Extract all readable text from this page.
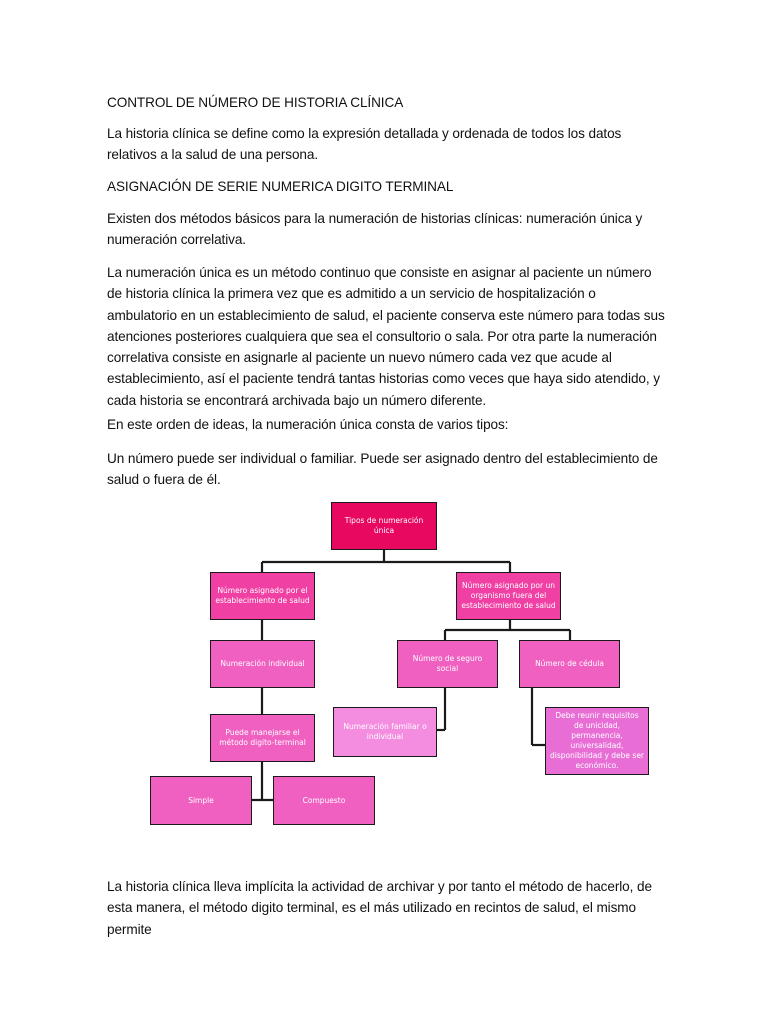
CONTROL DE NÚMERO DE HISTORIA CLÍNICA

La historia clínica se define como la expresión detallada y ordenada de todos los datos relativos a la salud de una persona.

ASIGNACIÓN DE SERIE NUMERICA DIGITO TERMINAL

Existen dos métodos básicos para la numeración de historias clínicas: numeración única y numeración correlativa.

La numeración única es un método continuo que consiste en asignar al paciente un número de historia clínica la primera vez que es admitido a un servicio de hospitalización o ambulatorio en un establecimiento de salud, el paciente conserva este número para todas sus atenciones posteriores cualquiera que sea el consultorio o sala. Por otra parte la numeración correlativa consiste en asignarle al paciente un nuevo número cada vez que acude al establecimiento, así el paciente tendrá tantas historias como veces que haya sido atendido, y cada historia se encontrará archivada bajo un número diferente.

En este orden de ideas, la numeración única consta de varios tipos:

Un número puede ser individual o familiar. Puede ser asignado dentro del establecimiento de salud o fuera de él.

Tipos de numeración única
Número asignado por el establecimiento de salud
Número asignado por un organismo fuera del establecimiento de salud
Numeración individual
Número de seguro social
Número de cédula
Puede manejarse el método digito-terminal
Numeración familiar o individual
Debe reunir requisitos de unicidad, permanencia, universalidad, disponibilidad y debe ser económico.
Simple	Compuesto

La historia clínica lleva implícita la actividad de archivar y por tanto el método de hacerlo, de esta manera, el método digito terminal, es el más utilizado en recintos de salud, el mismo permite
